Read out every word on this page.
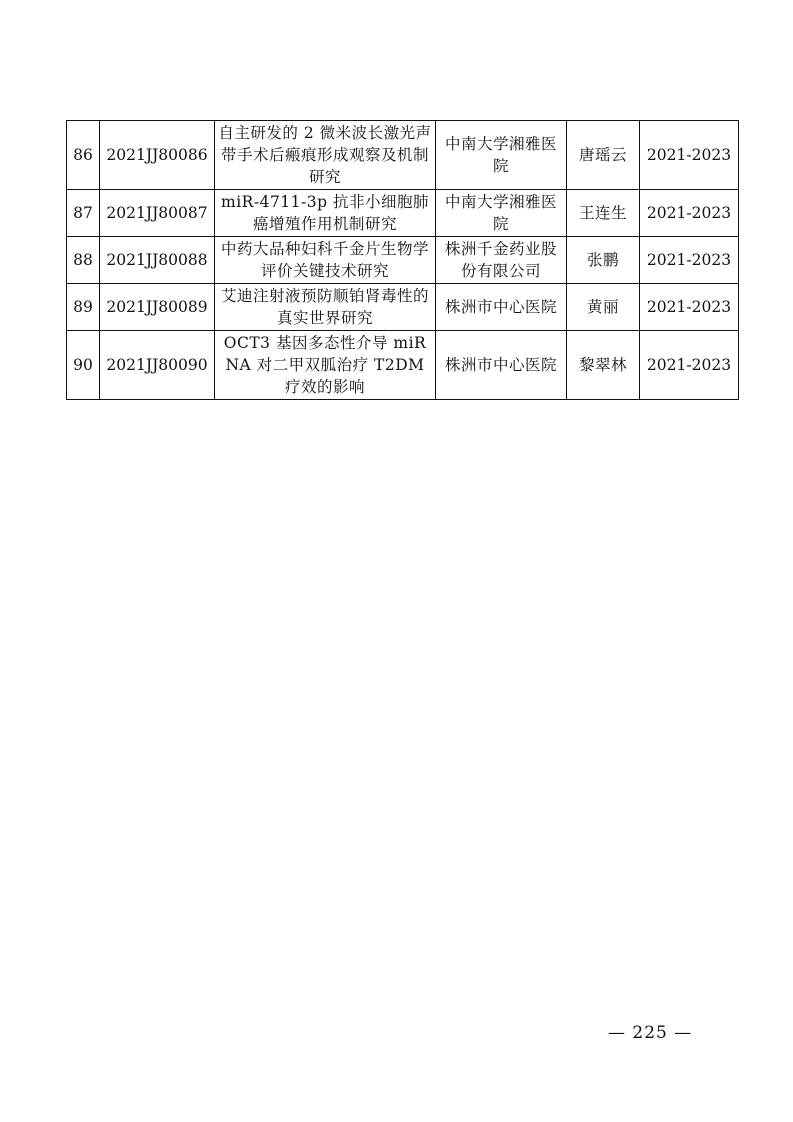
86	2021JJ80086	自主研发的 2 微米波长激光声带手术后瘢痕形成观察及机制研究	中南大学湘雅医院	唐瑶云	2021-2023
87	2021JJ80087	miR-4711-3p 抗非小细胞肺癌增殖作用机制研究	中南大学湘雅医院	王连生	2021-2023
88	2021JJ80088	中药大品种妇科千金片生物学评价关键技术研究	株洲千金药业股份有限公司	张鹏	2021-2023
89	2021JJ80089	艾迪注射液预防顺铂肾毒性的真实世界研究	株洲市中心医院	黄丽	2021-2023
90	2021JJ80090	OCT3 基因多态性介导 miRNA 对二甲双胍治疗 T2DM 疗效的影响	株洲市中心医院	黎翠林	2021-2023
— 225 —
